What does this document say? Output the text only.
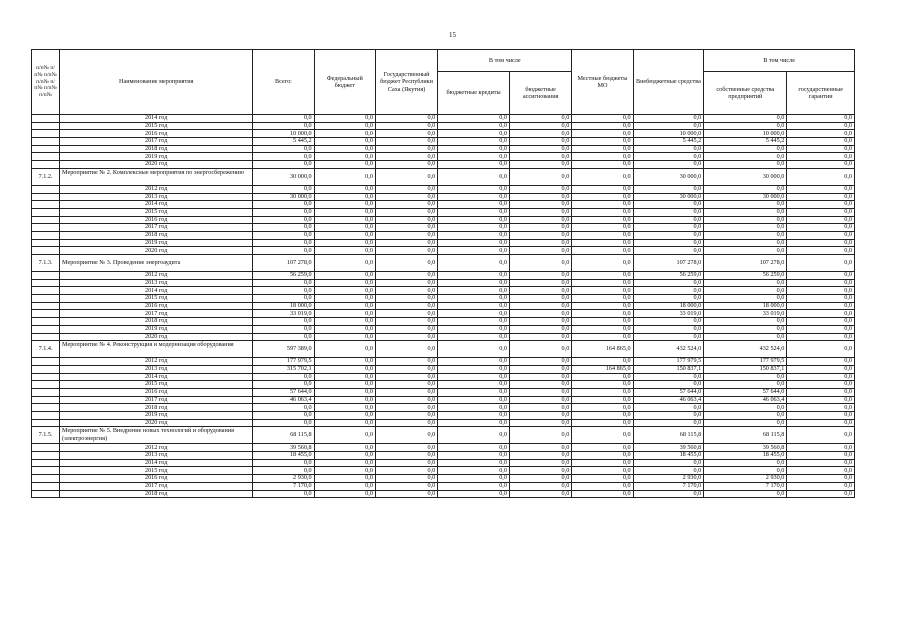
15
п/п№ п/п№ п/п№ п/п№ п/п№ п/п№ п/п№	Наименование мероприятия	Всего:	Федеральный бюджет	Государственный бюджет Республики Саха (Якутия)	В том числе		Местные бюджеты МО	Внебюджетные средства	В том числе	
					бюджетные кредиты	бюджетные ассигнования			собственные средства предприятий	государственные гарантии
	2014 год	0,0	0,0	0,0	0,0	0,0	0,0	0,0	0,0	0,0
	2015 год	0,0	0,0	0,0	0,0	0,0	0,0	0,0	0,0	0,0
	2016 год	10 000,0	0,0	0,0	0,0	0,0	0,0	10 000,0	10 000,0	0,0
	2017 год	5 445,2	0,0	0,0	0,0	0,0	0,0	5 445,2	5 445,2	0,0
	2018 год	0,0	0,0	0,0	0,0	0,0	0,0	0,0	0,0	0,0
	2019 год	0,0	0,0	0,0	0,0	0,0	0,0	0,0	0,0	0,0
	2020 год	0,0	0,0	0,0	0,0	0,0	0,0	0,0	0,0	0,0
7.1.2.	Мероприятие № 2. Комплексные мероприятия по энергосбережению	30 000,0	0,0	0,0	0,0	0,0	0,0	30 000,0	30 000,0	0,0
	2012 год	0,0	0,0	0,0	0,0	0,0	0,0	0,0	0,0	0,0
	2013 год	30 000,0	0,0	0,0	0,0	0,0	0,0	30 000,0	30 000,0	0,0
	2014 год	0,0	0,0	0,0	0,0	0,0	0,0	0,0	0,0	0,0
	2015 год	0,0	0,0	0,0	0,0	0,0	0,0	0,0	0,0	0,0
	2016 год	0,0	0,0	0,0	0,0	0,0	0,0	0,0	0,0	0,0
	2017 год	0,0	0,0	0,0	0,0	0,0	0,0	0,0	0,0	0,0
	2018 год	0,0	0,0	0,0	0,0	0,0	0,0	0,0	0,0	0,0
	2019 год	0,0	0,0	0,0	0,0	0,0	0,0	0,0	0,0	0,0
	2020 год	0,0	0,0	0,0	0,0	0,0	0,0	0,0	0,0	0,0
7.1.3.	Мероприятие № 3. Проведение энергоаудита	107 278,0	0,0	0,0	0,0	0,0	0,0	107 278,0	107 278,0	0,0
	2012 год	56 259,0	0,0	0,0	0,0	0,0	0,0	56 259,0	56 259,0	0,0
	2013 год	0,0	0,0	0,0	0,0	0,0	0,0	0,0	0,0	0,0
	2014 год	0,0	0,0	0,0	0,0	0,0	0,0	0,0	0,0	0,0
	2015 год	0,0	0,0	0,0	0,0	0,0	0,0	0,0	0,0	0,0
	2016 год	18 000,0	0,0	0,0	0,0	0,0	0,0	18 000,0	18 000,0	0,0
	2017 год	33 019,0	0,0	0,0	0,0	0,0	0,0	33 019,0	33 019,0	0,0
	2018 год	0,0	0,0	0,0	0,0	0,0	0,0	0,0	0,0	0,0
	2019 год	0,0	0,0	0,0	0,0	0,0	0,0	0,0	0,0	0,0
	2020 год	0,0	0,0	0,0	0,0	0,0	0,0	0,0	0,0	0,0
7.1.4.	Мероприятие № 4. Реконструкция и модернизация оборудования	597 389,0	0,0	0,0	0,0	0,0	164 865,0	432 524,0	432 524,0	0,0
	2012 год	177 979,5	0,0	0,0	0,0	0,0	0,0	177 979,5	177 979,5	0,0
	2013 год	315 702,1	0,0	0,0	0,0	0,0	164 865,0	150 837,1	150 837,1	0,0
	2014 год	0,0	0,0	0,0	0,0	0,0	0,0	0,0	0,0	0,0
	2015 год	0,0	0,0	0,0	0,0	0,0	0,0	0,0	0,0	0,0
	2016 год	57 644,0	0,0	0,0	0,0	0,0	0,0	57 644,0	57 644,0	0,0
	2017 год	46 063,4	0,0	0,0	0,0	0,0	0,0	46 063,4	46 063,4	0,0
	2018 год	0,0	0,0	0,0	0,0	0,0	0,0	0,0	0,0	0,0
	2019 год	0,0	0,0	0,0	0,0	0,0	0,0	0,0	0,0	0,0
	2020 год	0,0	0,0	0,0	0,0	0,0	0,0	0,0	0,0	0,0
7.1.5.	Мероприятие № 5. Внедрение новых технологий и оборудования (электроэнергия)	68 115,8	0,0	0,0	0,0	0,0	0,0	68 115,8	68 115,8	0,0
	2012 год	39 560,8	0,0	0,0	0,0	0,0	0,0	39 560,8	39 560,8	0,0
	2013 год	18 455,0	0,0	0,0	0,0	0,0	0,0	18 455,0	18 455,0	0,0
	2014 год	0,0	0,0	0,0	0,0	0,0	0,0	0,0	0,0	0,0
	2015 год	0,0	0,0	0,0	0,0	0,0	0,0	0,0	0,0	0,0
	2016 год	2 930,0	0,0	0,0	0,0	0,0	0,0	2 930,0	2 930,0	0,0
	2017 год	7 170,0	0,0	0,0	0,0	0,0	0,0	7 170,0	7 170,0	0,0
	2018 год	0,0	0,0	0,0	0,0	0,0	0,0	0,0	0,0	0,0
